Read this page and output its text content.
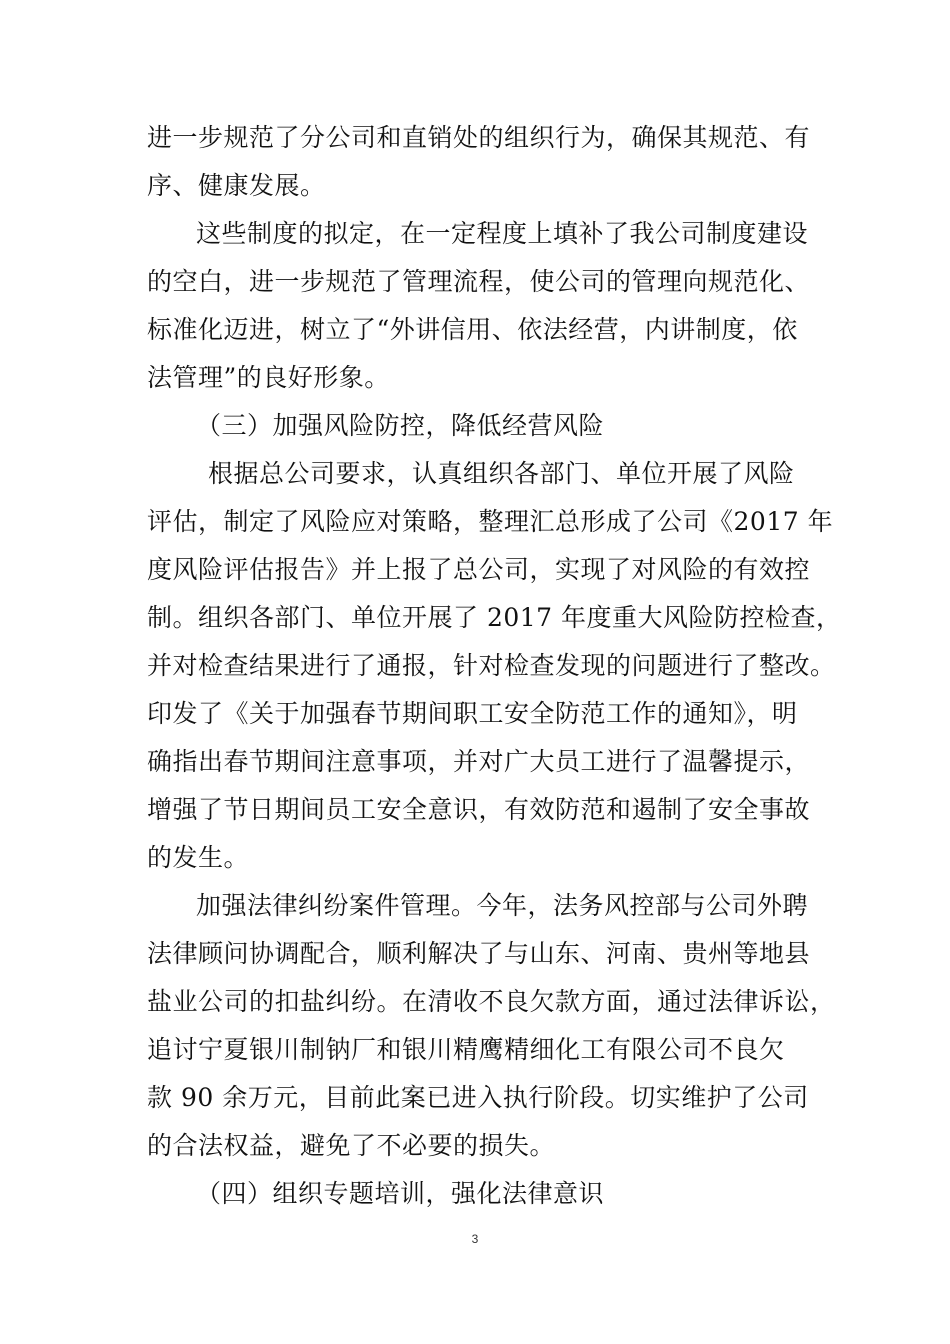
进一步规范了分公司和直销处的组织行为，确保其规范、有
序、健康发展。
这些制度的拟定，在一定程度上填补了我公司制度建设
的空白，进一步规范了管理流程，使公司的管理向规范化、
标准化迈进，树立了“外讲信用、依法经营，内讲制度，依
法管理”的良好形象。
（三）加强风险防控，降低经营风险
根据总公司要求，认真组织各部门、单位开展了风险
评估，制定了风险应对策略，整理汇总形成了公司《2017 年
度风险评估报告》并上报了总公司，实现了对风险的有效控
制。组织各部门、单位开展了 2017 年度重大风险防控检查，
并对检查结果进行了通报，针对检查发现的问题进行了整改。
印发了《关于加强春节期间职工安全防范工作的通知》，明
确指出春节期间注意事项，并对广大员工进行了温馨提示，
增强了节日期间员工安全意识，有效防范和遏制了安全事故
的发生。
加强法律纠纷案件管理。今年，法务风控部与公司外聘
法律顾问协调配合，顺利解决了与山东、河南、贵州等地县
盐业公司的扣盐纠纷。在清收不良欠款方面，通过法律诉讼，
追讨宁夏银川制钠厂和银川精鹰精细化工有限公司不良欠
款 90 余万元，目前此案已进入执行阶段。切实维护了公司
的合法权益，避免了不必要的损失。
（四）组织专题培训，强化法律意识
3
